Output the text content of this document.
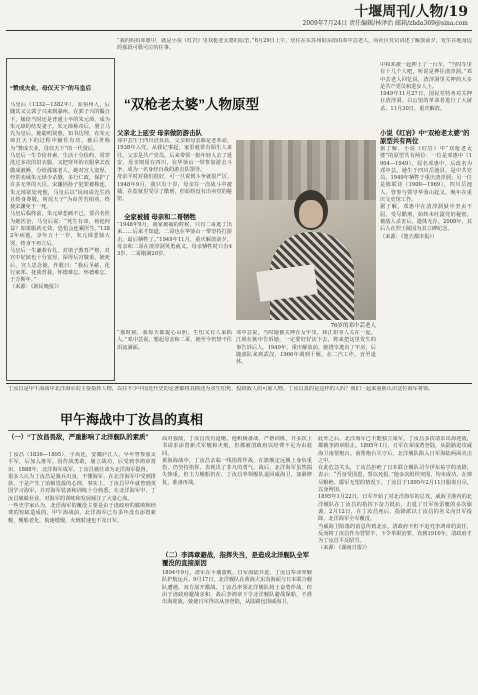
十堰周刊/人物/19
2009年7月24日 责任编辑/林泽治 邮箱/zhda369@sina.com
“赞成夫业，母仪天下”的马皇后
马皇后（1332—1382年），原宿州人，后随其义父郭子兴来到濠州。在郭子兴的撮合下，嫁给当时还是普通士卒的朱元璋，成为朱元璋的结发妻子。朱元璋称帝后，册立马氏为皇后。她聪明贤惠，知书达理，在朱元璋打天下的过程中辅佐有功，被后世称为“赞成夫业，母仪天下”的一代贤后。
马皇后一生节俭朴素，生活十分俭约，常穿洗过多次的旧衣服，又把穿坏的衣服拿去改做成被褥，分给孤寡老人。她对宫人宽厚，经常劝诫朱元璋少杀戮，多行仁政，保护了许多无辜的大臣。宋濂因孙子犯罪被株连，朱元璋欲处死他，马皇后以“民间请先生尚且终身尊敬，何况天子”为由苦苦相劝，终使宋濂免于一死。
马皇后临终前，朱元璋悲痛不已，要召名医为她医治，马皇后说：“死生有命，祷祀何益？如果服药无效，恐怕会连累医生。”1382年病逝，享年五十一岁，朱元璋悲恸大哭，终身不再立后。
马皇后一生谦恭有礼，对诸子教育严格，对宫中妃嫔也十分宽厚，深得后宫敬重。她死后，宫人思念她，作歌曰：“我后圣慈，化行家邦。抚我育我，怀德难忘。怀德难忘，于万斯年。”
（来源：《新民晚报》）
“我的妈妈邓愈中，就是小说《红岩》里双枪老太婆的原型。”6月29日上午，居住在东苏州阳东街的邓中芸老人，向社区党员讲述了解放前夕，发生在地身边的那段可歌可泣的往事。
“双枪老太婆”人物原型
父亲北上延安 母亲做防游击队
邓中芸生于四川涪县县。父亲和母亲都是老革命，1938年入党，从我记事起，家里就常有陌生人来往。父亲是共产党员，后来带领一批年轻人去了延安，母亲则留在四川，在华蓥山一带参加游击斗争，成为一名身经百战的游击队领导。
母亲平时对我们很好，可一旦说到斗争就很严厉。1948年9月，我只有十岁，母亲在一次战斗中被捕，在监狱里受尽了酷刑，但始终没有出卖党的秘密。
全家被捕 母亲和二哥牺牲
“1948年9月，我家被捕的时候，只有二哥逃了出来……后来才知道，二哥也在华蓥山一带坚持打游击，最后牺牲了。”1949年11月，重庆解放前夕，母亲和二哥在渣滓洞英勇就义。母亲牺牲时只有43岁，二哥刚满20岁。
76岁的邓中芸老人
邓中芸说，当时她被关押在女牢里，和江姐等人关在一起。江姐在狱中告诉她，一定要好好活下去，将来把这里发生的事告诉后人。1949年，重庆解放前，她侥幸逃出了牢房，后随部队来到武汉，1966年调到十堰，在二汽工作，直至退休。
“那时候，我每天都提心吊胆，生怕又有人来抓人。”邓中芸说，想起母亲和二哥，她至今仍禁不住泪流满面。
中和邓被一起押上了一台车。“当时车里有十几个人吧，听说是押往渣滓洞。”邓中芸老人回忆说，渣滓洞里关押的大多是共产党员和进步人士。
1949年11月27日，国民党特务对关押在渣滓洞、白公馆的革命者进行了大屠杀。11月30日，重庆解放。
小说《红岩》中“双枪老太婆”的原型共有两位
据了解，小说《红岩》中“双枪老太婆”的原型共有两位：一位是邓惠中（1904—1949），原名邓惠中，后改名为邓中芸。她生于四川岳池县，是中共党员，1949年牺牲于重庆渣滓洞；另一位是陈联诗（1900—1969），四川岳池人，曾参与领导华蓥山起义，晚年在重庆文史馆工作。
据了解，邓惠中在渣滓洞狱中坚贞不屈，受尽酷刑，始终未吐露党的秘密，被敌人杀害后，遗体无存。2008年，其后人在烈士陵园为其立碑纪念。
（来源：《楚天都市报》）
丁汝昌是甲午海战中北洋海军的主要指挥人物，以往不少中国近代史的论著都将其描述为贪生怕死、投降敌人的可耻人物。丁汝昌真的是这样的人吗？我们一起来重新认识这位海军将领。
甲午海战中丁汝昌的真相
（一）“丁汝昌畏敌，严重影响了北洋舰队的素质”
丁汝昌（1836—1895），字禹廷，安徽庐江人，早年曾参加太平军，后加入淮军，因作战勇敢，屡立战功，后受到李鸿章赏识，1888年，北洋海军成军，丁汝昌被任命为北洋海军提督。
很多人认为丁汝昌是骑兵出身，不懂海军，在北洋海军中受到排挤，于是产生了消极畏敌的心理。事实上，丁汝昌早年就曾到英国学习海军，并对海军装备和训练十分熟悉。在北洋海军中，丁汝昌兢兢业业，对海军的训练和发展倾注了大量心血。
一些史学家认为，北洋海军的覆没主要是由于清政府的腐败和经费的短缺造成的。甲午海战前，北洋海军已有多年没有添置新舰，舰船老化，航速缓慢，火炮射速也不及日军。
面对强敌，丁汝昌没有退缩，他积极备战，严格训练，并多次上书请求添置新式军舰和火炮，但都被清政府以经费不足为由驳回。
黄海海战中，丁汝昌亲临一线指挥作战，在旗舰定远舰上身负重伤，仍坚持指挥，表现出了非凡的勇气。战后，北洋海军虽然损失惨重，但主力舰船仍在，丁汝昌率领舰队退回威海卫，加紧修复，准备再战。
（二）李鸿章避战，指挥失当，是造成北洋舰队全军覆没的直接原因
1894年9月，清军在平壤溃败，日军海陆并进，丁汝昌奉命率舰队护航运兵。9月17日，北洋舰队在黄海大东沟海面与日本联合舰队遭遇，双方展开激战。丁汝昌率领北洋舰队将士奋勇作战，但由于清政府避战求和，战后李鸿章下令北洋舰队避战保船，不准出海迎敌，致使日军得以从容登陆，从陆路包围威海卫。
此外之后，北洋海军已不能独立成军，丁汝昌多次请求出海迎敌，都被李鸿章阻止。1895年1月，日军在荣成湾登陆，从陆路进攻威海卫南帮炮台。南帮炮台失守后，北洋舰队陷入日军海陆两面夹击之中。
在此危急关头，丁汝昌拒绝了日本联合舰队司令伊东祐亨的劝降，表示：“吾身受国恩，誓以死报。”他多次组织突围，均未成功。在弹尽粮绝、援军无望的情况下，丁汝昌于1895年2月11日服毒自尽，以身殉国。
1895年1月22日，日军开始了对北洋海军的总攻。威海卫港内的北洋舰队在丁汝昌的指挥下奋力抵抗，击退了日军鱼雷艇的多次偷袭。2月12日，在丁汝昌死后，投降派以丁汝昌的名义向日军投降，北洋海军全军覆没。
当威海卫陷落的消息传到北京，清政府不但不追究李鸿章的责任，反而将丁汝昌作为替罪羊，下令革职治罪。直到1910年，清政府才为丁汝昌平反昭雪。
（来源：《湖南日报》）
